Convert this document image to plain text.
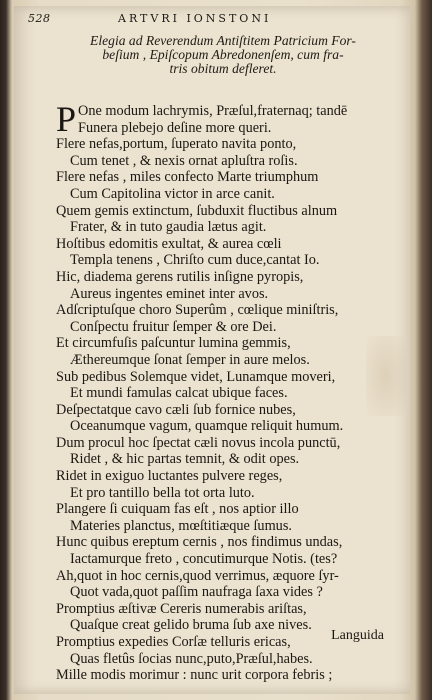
528	ARTVRI IONSTONI
Elegia ad Reverendum Antiſtitem Patricium For-
beſium , Epiſcopum Abredonenſem, cum fra-
tris obitum defleret.
P One modum lachrymis, Præſul,fraternaq; tandē
Funera plebejo deſine more queri.
Flere nefas,portum, ſuperato navita ponto,
Cum tenet , & nexis ornat apluſtra roſis.
Flere nefas , miles confecto Marte triumphum
Cum Capitolina victor in arce canit.
Quem gemis extinctum, ſubduxit fluctibus alnum
Frater, & in tuto gaudia lætus agit.
Hoſtibus edomitis exultat, & aurea cœli
Templa tenens , Chriſto cum duce,cantat Io.
Hic, diadema gerens rutilis inſigne pyropis,
Aureus ingentes eminet inter avos.
Adſcriptuſque choro Superûm , cœlique miniſtris,
Conſpectu fruitur ſemper & ore Dei.
Et circumfuſis paſcuntur lumina gemmis,
Æthereumque ſonat ſemper in aure melos.
Sub pedibus Solemque videt, Lunamque moveri,
Et mundi famulas calcat ubique faces.
Deſpectatque cavo cæli ſub fornice nubes,
Oceanumque vagum, quamque reliquit humum.
Dum procul hoc ſpectat cæli novus incola punctū,
Ridet , & hic partas temnit, & odit opes.
Ridet in exiguo luctantes pulvere reges,
Et pro tantillo bella tot orta luto.
Plangere ſi cuiquam fas eſt , nos aptior illo
Materies planctus, mœſtitiæque ſumus.
Hunc quibus ereptum cernis , nos findimus undas,
Iactamurque freto , concutimurque Notis. (tes?
Ah,quot in hoc cernis,quod verrimus, æquore ſyr-
Quot vada,quot paſſim naufraga ſaxa vides ?
Promptius æſtivæ Cereris numerabis ariſtas,
Quaſque creat gelido bruma ſub axe nives.
Promptius expedies Corſæ telluris ericas,
Quas fletûs ſocias nunc,puto,Præſul,habes.
Mille modis morimur : nunc urit corpora febris ;
Languida
